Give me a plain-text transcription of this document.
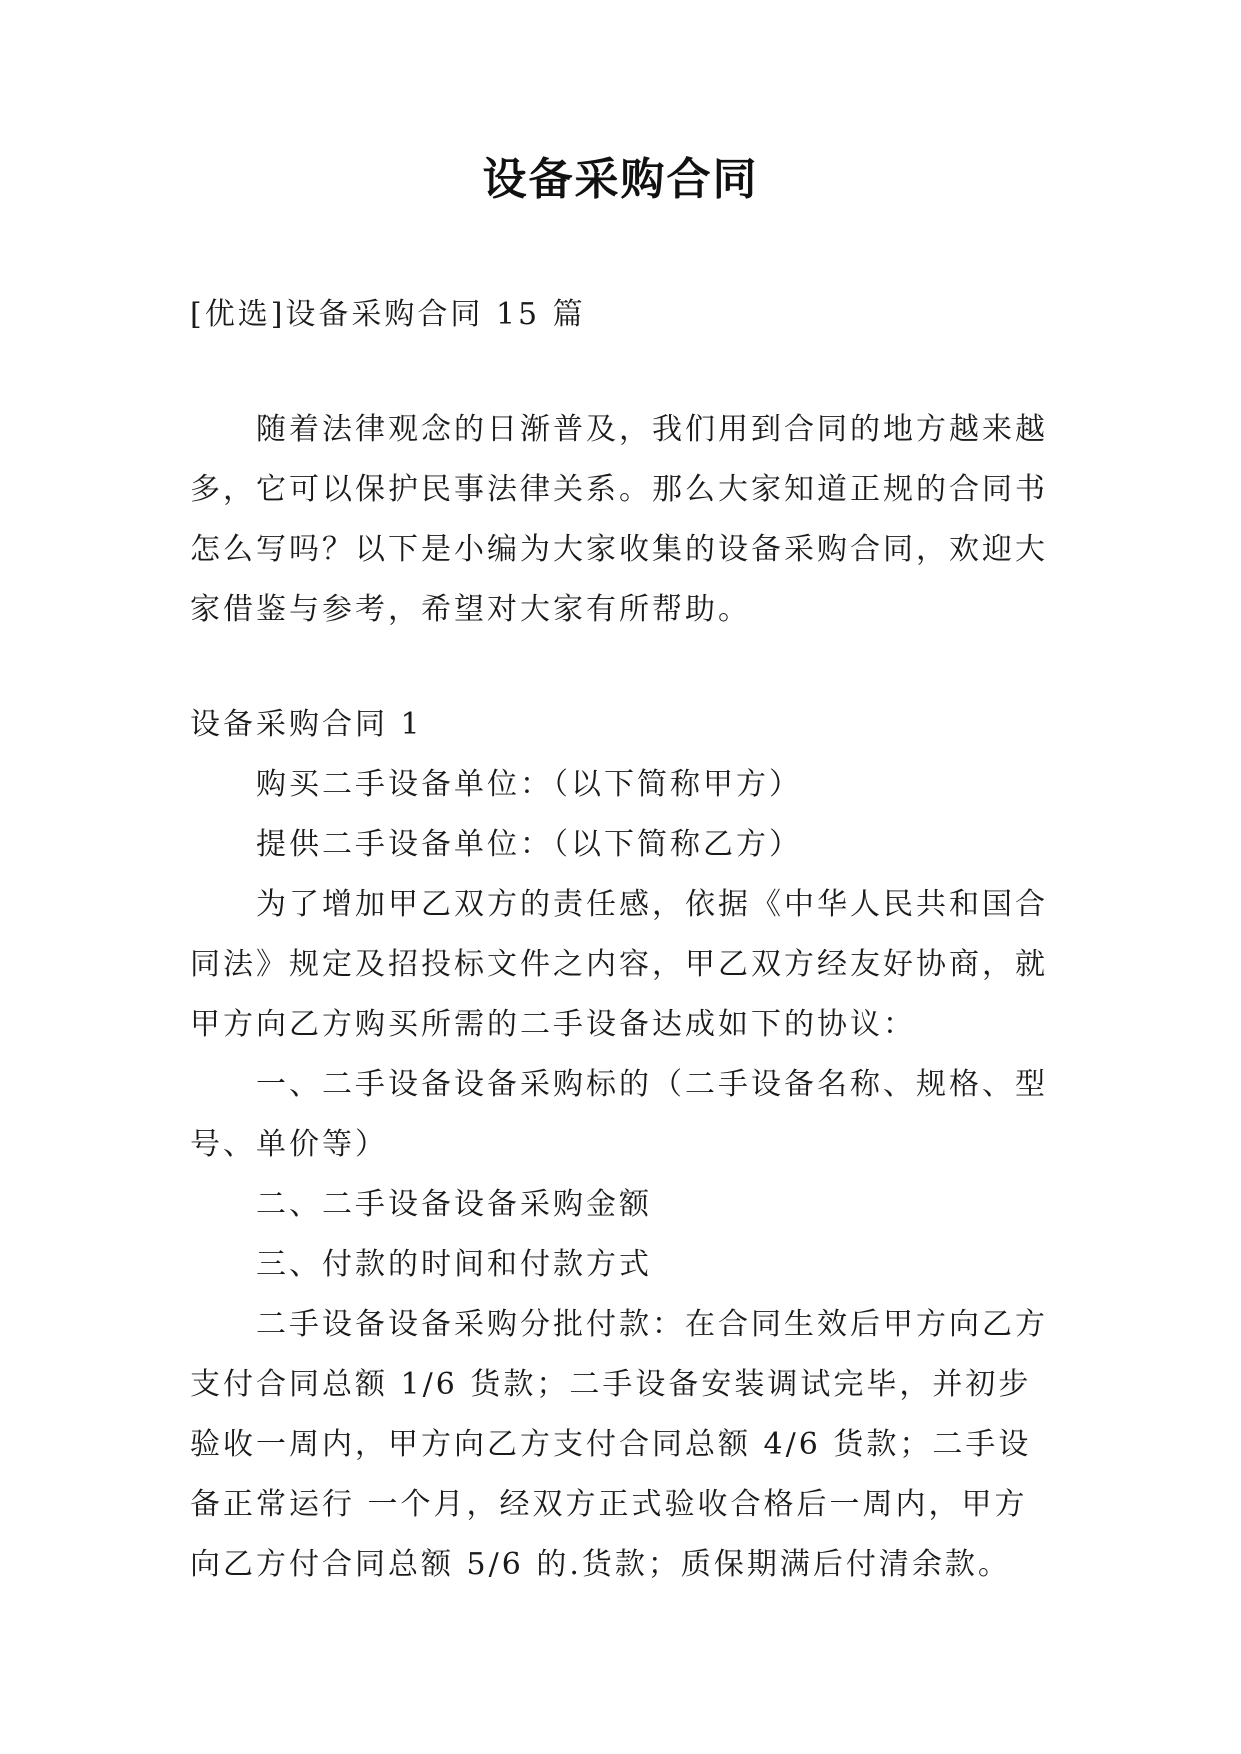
设备采购合同

[优选]设备采购合同 15 篇

随着法律观念的日渐普及，我们用到合同的地方越来越多，它可以保护民事法律关系。那么大家知道正规的合同书怎么写吗？以下是小编为大家收集的设备采购合同，欢迎大家借鉴与参考，希望对大家有所帮助。

设备采购合同 1

购买二手设备单位：（以下简称甲方）

提供二手设备单位：（以下简称乙方）

为了增加甲乙双方的责任感，依据《中华人民共和国合同法》规定及招投标文件之内容，甲乙双方经友好协商，就甲方向乙方购买所需的二手设备达成如下的协议：

一、二手设备设备采购标的（二手设备名称、规格、型号、单价等）

二、二手设备设备采购金额

三、付款的时间和付款方式

二手设备设备采购分批付款：在合同生效后甲方向乙方支付合同总额 1/6 货款；二手设备安装调试完毕，并初步验收一周内，甲方向乙方支付合同总额 4/6 货款；二手设备正常运行 一个月，经双方正式验收合格后一周内，甲方向乙方付合同总额 5/6 的.货款；质保期满后付清余款。
